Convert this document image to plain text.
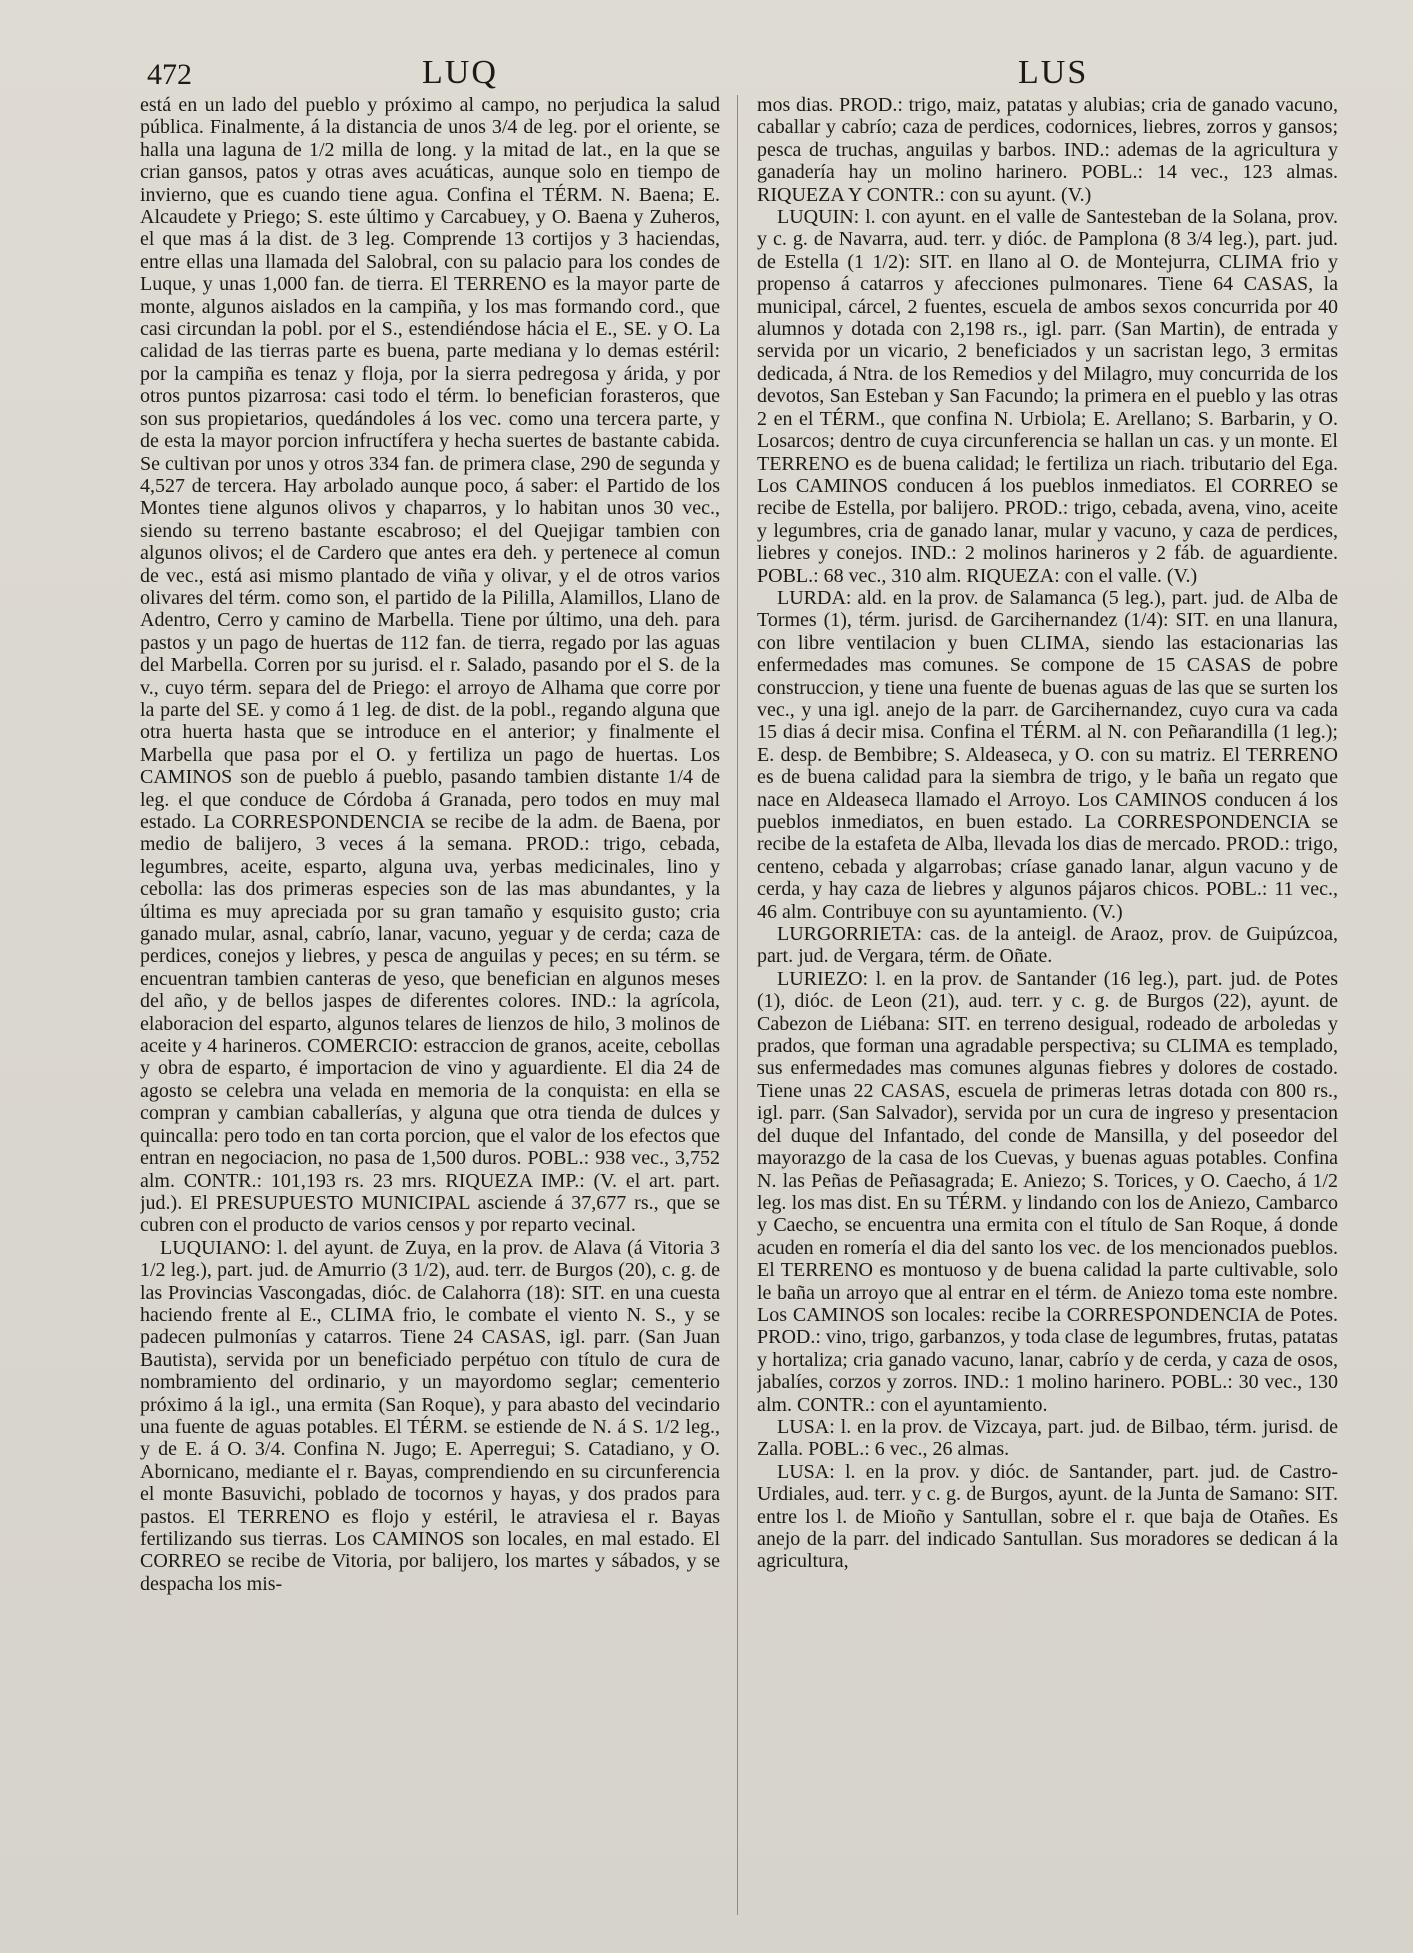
472	LUQ	LUS

está en un lado del pueblo y próximo al campo, no perjudica la salud pública. Finalmente, á la distancia de unos 3/4 de leg. por el oriente, se halla una laguna de 1/2 milla de long. y la mitad de lat., en la que se crian gansos, patos y otras aves acuáticas, aunque solo en tiempo de invierno, que es cuando tiene agua. Confina el TÉRM. N. Baena; E. Alcaudete y Priego; S. este último y Carcabuey, y O. Baena y Zuheros, el que mas á la dist. de 3 leg. Comprende 13 cortijos y 3 haciendas, entre ellas una llamada del Salobral, con su palacio para los condes de Luque, y unas 1,000 fan. de tierra. El TERRENO es la mayor parte de monte, algunos aislados en la campiña, y los mas formando cord., que casi circundan la pobl. por el S., estendiéndose hácia el E., SE. y O. La calidad de las tierras parte es buena, parte mediana y lo demas estéril: por la campiña es tenaz y floja, por la sierra pedregosa y árida, y por otros puntos pizarrosa: casi todo el térm. lo benefician forasteros, que son sus propietarios, quedándoles á los vec. como una tercera parte, y de esta la mayor porcion infructífera y hecha suertes de bastante cabida. Se cultivan por unos y otros 334 fan. de primera clase, 290 de segunda y 4,527 de tercera. Hay arbolado aunque poco, á saber: el Partido de los Montes tiene algunos olivos y chaparros, y lo habitan unos 30 vec., siendo su terreno bastante escabroso; el del Quejigar tambien con algunos olivos; el de Cardero que antes era deh. y pertenece al comun de vec., está asi mismo plantado de viña y olivar, y el de otros varios olivares del térm. como son, el partido de la Pililla, Alamillos, Llano de Adentro, Cerro y camino de Marbella. Tiene por último, una deh. para pastos y un pago de huertas de 112 fan. de tierra, regado por las aguas del Marbella. Corren por su jurisd. el r. Salado, pasando por el S. de la v., cuyo térm. separa del de Priego: el arroyo de Alhama que corre por la parte del SE. y como á 1 leg. de dist. de la pobl., regando alguna que otra huerta hasta que se introduce en el anterior; y finalmente el Marbella que pasa por el O. y fertiliza un pago de huertas. Los CAMINOS son de pueblo á pueblo, pasando tambien distante 1/4 de leg. el que conduce de Córdoba á Granada, pero todos en muy mal estado. La CORRESPONDENCIA se recibe de la adm. de Baena, por medio de balijero, 3 veces á la semana. PROD.: trigo, cebada, legumbres, aceite, esparto, alguna uva, yerbas medicinales, lino y cebolla: las dos primeras especies son de las mas abundantes, y la última es muy apreciada por su gran tamaño y esquisito gusto; cria ganado mular, asnal, cabrío, lanar, vacuno, yeguar y de cerda; caza de perdices, conejos y liebres, y pesca de anguilas y peces; en su térm. se encuentran tambien canteras de yeso, que benefician en algunos meses del año, y de bellos jaspes de diferentes colores. IND.: la agrícola, elaboracion del esparto, algunos telares de lienzos de hilo, 3 molinos de aceite y 4 harineros. COMERCIO: estraccion de granos, aceite, cebollas y obra de esparto, é importacion de vino y aguardiente. El dia 24 de agosto se celebra una velada en memoria de la conquista: en ella se compran y cambian caballerías, y alguna que otra tienda de dulces y quincalla: pero todo en tan corta porcion, que el valor de los efectos que entran en negociacion, no pasa de 1,500 duros. POBL.: 938 vec., 3,752 alm. CONTR.: 101,193 rs. 23 mrs. RIQUEZA IMP.: (V. el art. part. jud.). El PRESUPUESTO MUNICIPAL asciende á 37,677 rs., que se cubren con el producto de varios censos y por reparto vecinal.

LUQUIANO: l. del ayunt. de Zuya, en la prov. de Alava (á Vitoria 3 1/2 leg.), part. jud. de Amurrio (3 1/2), aud. terr. de Burgos (20), c. g. de las Provincias Vascongadas, dióc. de Calahorra (18): SIT. en una cuesta haciendo frente al E., CLIMA frio, le combate el viento N. S., y se padecen pulmonías y catarros. Tiene 24 CASAS, igl. parr. (San Juan Bautista), servida por un beneficiado perpétuo con título de cura de nombramiento del ordinario, y un mayordomo seglar; cementerio próximo á la igl., una ermita (San Roque), y para abasto del vecindario una fuente de aguas potables. El TÉRM. se estiende de N. á S. 1/2 leg., y de E. á O. 3/4. Confina N. Jugo; E. Aperregui; S. Catadiano, y O. Abornicano, mediante el r. Bayas, comprendiendo en su circunferencia el monte Basuvichi, poblado de tocornos y hayas, y dos prados para pastos. El TERRENO es flojo y estéril, le atraviesa el r. Bayas fertilizando sus tierras. Los CAMINOS son locales, en mal estado. El CORREO se recibe de Vitoria, por balijero, los martes y sábados, y se despacha los mis-

mos dias. PROD.: trigo, maiz, patatas y alubias; cria de ganado vacuno, caballar y cabrío; caza de perdices, codornices, liebres, zorros y gansos; pesca de truchas, anguilas y barbos. IND.: ademas de la agricultura y ganadería hay un molino harinero. POBL.: 14 vec., 123 almas. RIQUEZA Y CONTR.: con su ayunt. (V.)

LUQUIN: l. con ayunt. en el valle de Santesteban de la Solana, prov. y c. g. de Navarra, aud. terr. y dióc. de Pamplona (8 3/4 leg.), part. jud. de Estella (1 1/2): SIT. en llano al O. de Montejurra, CLIMA frio y propenso á catarros y afecciones pulmonares. Tiene 64 CASAS, la municipal, cárcel, 2 fuentes, escuela de ambos sexos concurrida por 40 alumnos y dotada con 2,198 rs., igl. parr. (San Martin), de entrada y servida por un vicario, 2 beneficiados y un sacristan lego, 3 ermitas dedicada, á Ntra. de los Remedios y del Milagro, muy concurrida de los devotos, San Esteban y San Facundo; la primera en el pueblo y las otras 2 en el TÉRM., que confina N. Urbiola; E. Arellano; S. Barbarin, y O. Losarcos; dentro de cuya circunferencia se hallan un cas. y un monte. El TERRENO es de buena calidad; le fertiliza un riach. tributario del Ega. Los CAMINOS conducen á los pueblos inmediatos. El CORREO se recibe de Estella, por balijero. PROD.: trigo, cebada, avena, vino, aceite y legumbres, cria de ganado lanar, mular y vacuno, y caza de perdices, liebres y conejos. IND.: 2 molinos harineros y 2 fáb. de aguardiente. POBL.: 68 vec., 310 alm. RIQUEZA: con el valle. (V.)

LURDA: ald. en la prov. de Salamanca (5 leg.), part. jud. de Alba de Tormes (1), térm. jurisd. de Garcihernandez (1/4): SIT. en una llanura, con libre ventilacion y buen CLIMA, siendo las estacionarias las enfermedades mas comunes. Se compone de 15 CASAS de pobre construccion, y tiene una fuente de buenas aguas de las que se surten los vec., y una igl. anejo de la parr. de Garcihernandez, cuyo cura va cada 15 dias á decir misa. Confina el TÉRM. al N. con Peñarandilla (1 leg.); E. desp. de Bembibre; S. Aldeaseca, y O. con su matriz. El TERRENO es de buena calidad para la siembra de trigo, y le baña un regato que nace en Aldeaseca llamado el Arroyo. Los CAMINOS conducen á los pueblos inmediatos, en buen estado. La CORRESPONDENCIA se recibe de la estafeta de Alba, llevada los dias de mercado. PROD.: trigo, centeno, cebada y algarrobas; críase ganado lanar, algun vacuno y de cerda, y hay caza de liebres y algunos pájaros chicos. POBL.: 11 vec., 46 alm. Contribuye con su ayuntamiento. (V.)

LURGORRIETA: cas. de la anteigl. de Araoz, prov. de Guipúzcoa, part. jud. de Vergara, térm. de Oñate.

LURIEZO: l. en la prov. de Santander (16 leg.), part. jud. de Potes (1), dióc. de Leon (21), aud. terr. y c. g. de Burgos (22), ayunt. de Cabezon de Liébana: SIT. en terreno desigual, rodeado de arboledas y prados, que forman una agradable perspectiva; su CLIMA es templado, sus enfermedades mas comunes algunas fiebres y dolores de costado. Tiene unas 22 CASAS, escuela de primeras letras dotada con 800 rs., igl. parr. (San Salvador), servida por un cura de ingreso y presentacion del duque del Infantado, del conde de Mansilla, y del poseedor del mayorazgo de la casa de los Cuevas, y buenas aguas potables. Confina N. las Peñas de Peñasagrada; E. Aniezo; S. Torices, y O. Caecho, á 1/2 leg. los mas dist. En su TÉRM. y lindando con los de Aniezo, Cambarco y Caecho, se encuentra una ermita con el título de San Roque, á donde acuden en romería el dia del santo los vec. de los mencionados pueblos. El TERRENO es montuoso y de buena calidad la parte cultivable, solo le baña un arroyo que al entrar en el térm. de Aniezo toma este nombre. Los CAMINOS son locales: recibe la CORRESPONDENCIA de Potes. PROD.: vino, trigo, garbanzos, y toda clase de legumbres, frutas, patatas y hortaliza; cria ganado vacuno, lanar, cabrío y de cerda, y caza de osos, jabalíes, corzos y zorros. IND.: 1 molino harinero. POBL.: 30 vec., 130 alm. CONTR.: con el ayuntamiento.

LUSA: l. en la prov. de Vizcaya, part. jud. de Bilbao, térm. jurisd. de Zalla. POBL.: 6 vec., 26 almas.

LUSA: l. en la prov. y dióc. de Santander, part. jud. de Castro-Urdiales, aud. terr. y c. g. de Burgos, ayunt. de la Junta de Samano: SIT. entre los l. de Mioño y Santullan, sobre el r. que baja de Otañes. Es anejo de la parr. del indicado Santullan. Sus moradores se dedican á la agricultura,
